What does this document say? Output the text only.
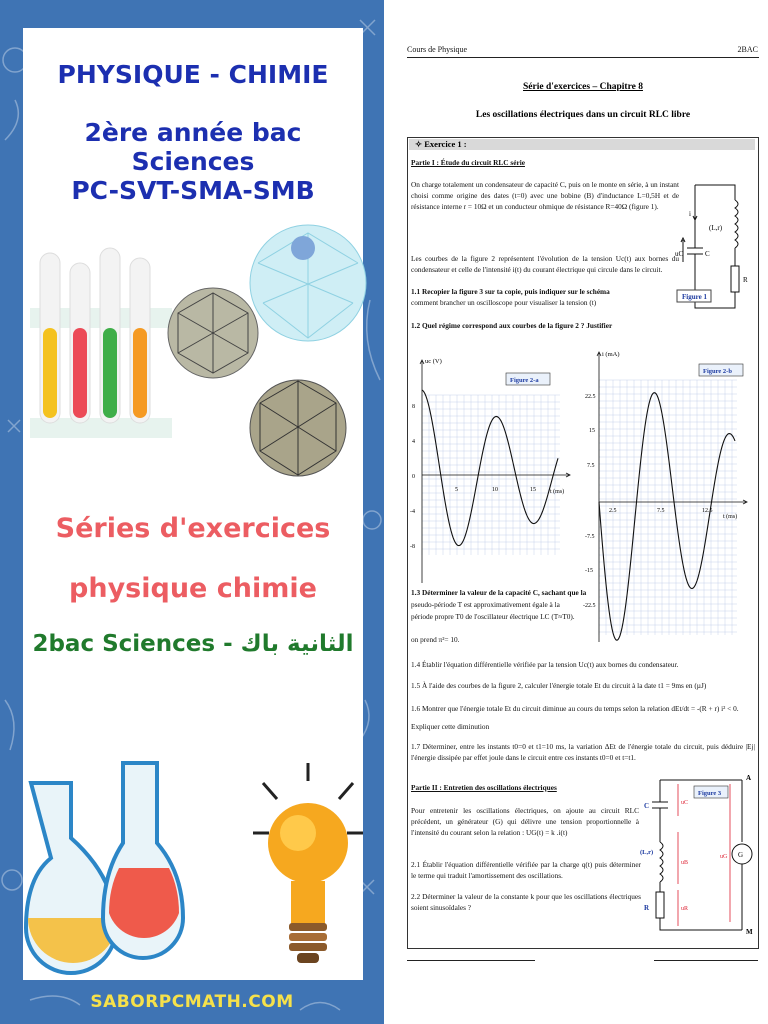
PHYSIQUE - CHIMIE
2ère année bac Sciences
PC-SVT-SMA-SMB
Séries d'exercices
physique chimie
2bac Sciences - الثانية باك
SABORPCMATH.COM
Cours de Physique	2BAC
Série d'exercices – Chapitre 8
Les oscillations électriques dans un circuit RLC libre
✧ Exercice 1 :
Partie I : Étude du circuit RLC série
On charge totalement un condensateur de capacité C, puis on le monte en série, à un instant choisi comme origine des dates (t=0) avec une bobine (B) d'inductance L=0,5H et de résistance interne r = 10Ω et un conducteur ohmique de résistance R=40Ω (figure 1).
Les courbes de la figure 2 représentent l'évolution de la tension Uc(t) aux bornes du condensateur et celle de l'intensité i(t) du courant électrique qui circule dans le circuit.
1.1 Recopier la figure 3 sur ta copie, puis indiquer sur le schéma
comment brancher un oscilloscope pour visualiser la tension (t)
1.2 Quel régime correspond aux courbes de la figure 2 ? Justifier
i
uC	C
(L,r)
R
Figure 1
uc (V)
t (ms)
8
4
0
-4
-8
5	10	15
Figure 2-a
i (mA)
t (ms)
22.5
15
7.5
-7.5
-15
-22.5
2.5	7.5	12.5
Figure 2-b
1.3 Déterminer la valeur de la capacité C, sachant que la
pseudo-période T est approximativement égale à la
période propre T0 de l'oscillateur électrique LC (T≈T0).
on prend π²= 10.
1.4 Établir l'équation différentielle vérifiée par la tension Uc(t) aux bornes du condensateur.
1.5 À l'aide des courbes de la figure 2, calculer l'énergie totale Et du circuit à la date t1 = 9ms en (µJ)
1.6 Montrer que l'énergie totale Et du circuit diminue au cours du temps selon la relation dEt/dt = -(R + r) i² < 0.
Expliquer cette diminution
1.7 Déterminer, entre les instants t0=0 et t1=10 ms, la variation ΔEt de l'énergie totale du circuit, puis déduire |Ej| l'énergie dissipée par effet joule dans le circuit entre ces instants t0=0 et t=t1.
Partie II : Entretien des oscillations électriques
Pour entretenir les oscillations électriques, on ajoute au circuit RLC précédent, un générateur (G) qui délivre une tension proportionnelle à l'intensité du courant selon la relation : UG(t) = k .i(t)
2.1 Établir l'équation différentielle vérifiée par la charge q(t) puis déterminer le terme qui traduit l'amortissement des oscillations.
2.2 Déterminer la valeur de la constante k pour que les oscillations électriques soient sinusoïdales ?
A
M
C
(L,r)
R
G
uC
uB
uR
uG
Figure 3
